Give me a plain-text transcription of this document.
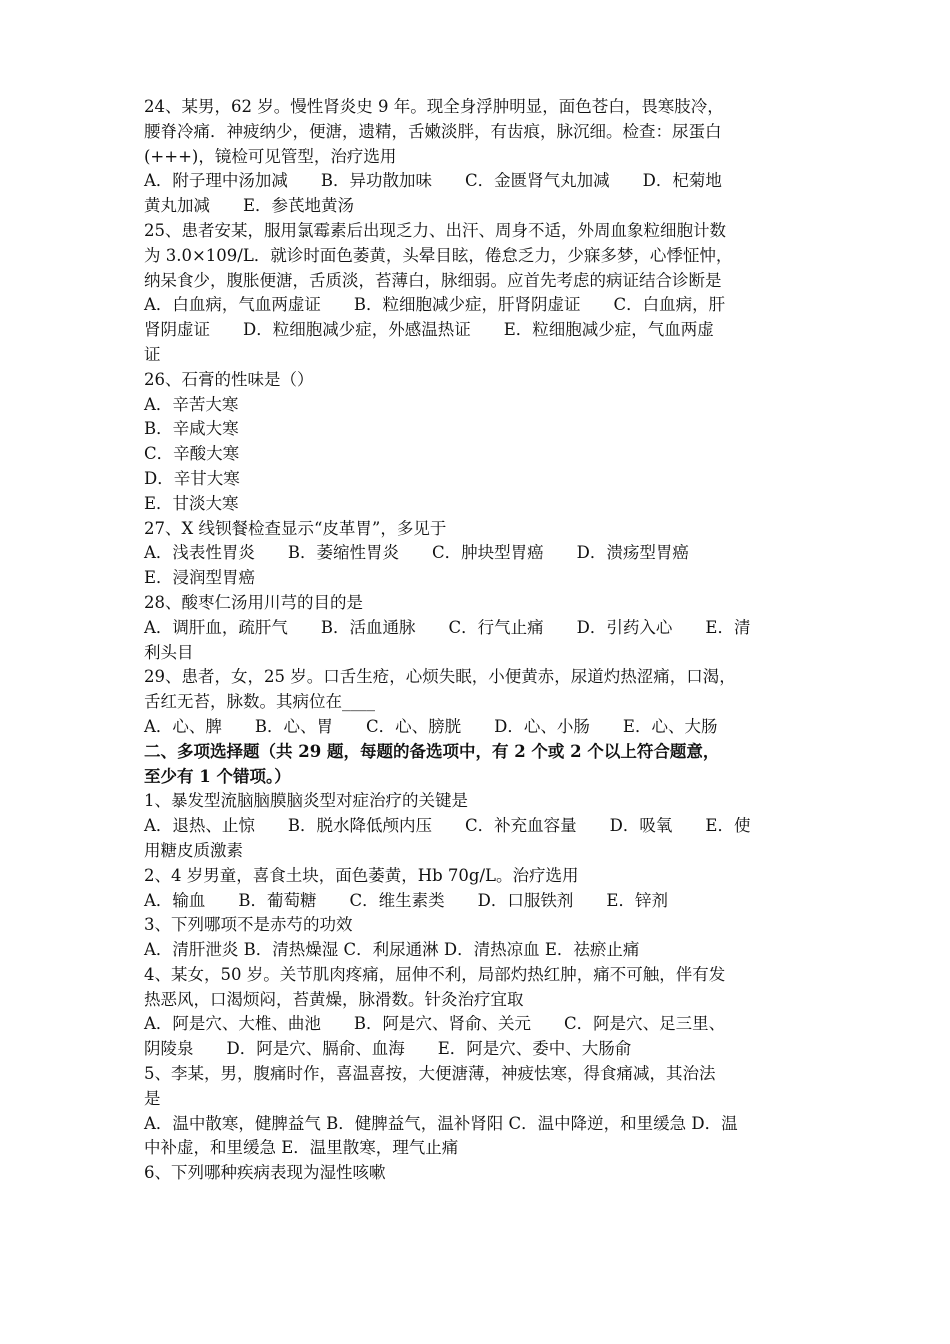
24、某男，62 岁。慢性肾炎史 9 年。现全身浮肿明显，面色苍白，畏寒肢冷，
腰脊冷痛．神疲纳少，便溏，遗精，舌嫩淡胖，有齿痕，脉沉细。检查：尿蛋白
(+++)，镜检可见管型，治疗选用
A．附子理中汤加减　　B．异功散加味　　C．金匮肾气丸加减　　D．杞菊地
黄丸加减　　E．参芪地黄汤
25、患者安某，服用氯霉素后出现乏力、出汗、周身不适，外周血象粒细胞计数
为 3.0×109/L．就诊时面色萎黄，头晕目眩，倦怠乏力，少寐多梦，心悸怔忡，
纳呆食少，腹胀便溏，舌质淡，苔薄白，脉细弱。应首先考虑的病证结合诊断是
A．白血病，气血两虚证　　B．粒细胞减少症，肝肾阴虚证　　C．白血病，肝
肾阴虚证　　D．粒细胞减少症，外感温热证　　E．粒细胞减少症，气血两虚
证
26、石膏的性味是（）
A．辛苦大寒
B．辛咸大寒
C．辛酸大寒
D．辛甘大寒
E．甘淡大寒
27、X 线钡餐检查显示“皮革胃”，多见于
A．浅表性胃炎　　B．萎缩性胃炎　　C．肿块型胃癌　　D．溃疡型胃癌
E．浸润型胃癌
28、酸枣仁汤用川芎的目的是
A．调肝血，疏肝气　　B．活血通脉　　C．行气止痛　　D．引药入心　　E．清
利头目
29、患者，女，25 岁。口舌生疮，心烦失眠，小便黄赤，尿道灼热涩痛，口渴，
舌红无苔，脉数。其病位在____
A．心、脾　　B．心、胃　　C．心、膀胱　　D．心、小肠　　E．心、大肠
二、多项选择题（共 29 题，每题的备选项中，有 2 个或 2 个以上符合题意，
至少有 1 个错项。）
1、暴发型流脑脑膜脑炎型对症治疗的关键是
A．退热、止惊　　B．脱水降低颅内压　　C．补充血容量　　D．吸氧　　E．使
用糖皮质激素
2、4 岁男童，喜食土块，面色萎黄，Hb 70g/L。治疗选用
A．输血　　B．葡萄糖　　C．维生素类　　D．口服铁剂　　E．锌剂
3、下列哪项不是赤芍的功效
A．清肝泄炎 B．清热燥湿 C．利尿通淋 D．清热凉血 E．祛瘀止痛
4、某女，50 岁。关节肌肉疼痛，屈伸不利，局部灼热红肿，痛不可触，伴有发
热恶风，口渴烦闷，苔黄燥，脉滑数。针灸治疗宜取
A．阿是穴、大椎、曲池　　B．阿是穴、肾俞、关元　　C．阿是穴、足三里、
阴陵泉　　D．阿是穴、膈俞、血海　　E．阿是穴、委中、大肠俞
5、李某，男，腹痛时作，喜温喜按，大便溏薄，神疲怯寒，得食痛减，其治法
是
A．温中散寒，健脾益气 B．健脾益气，温补肾阳 C．温中降逆，和里缓急 D．温
中补虚，和里缓急 E．温里散寒，理气止痛
6、下列哪种疾病表现为湿性咳嗽
